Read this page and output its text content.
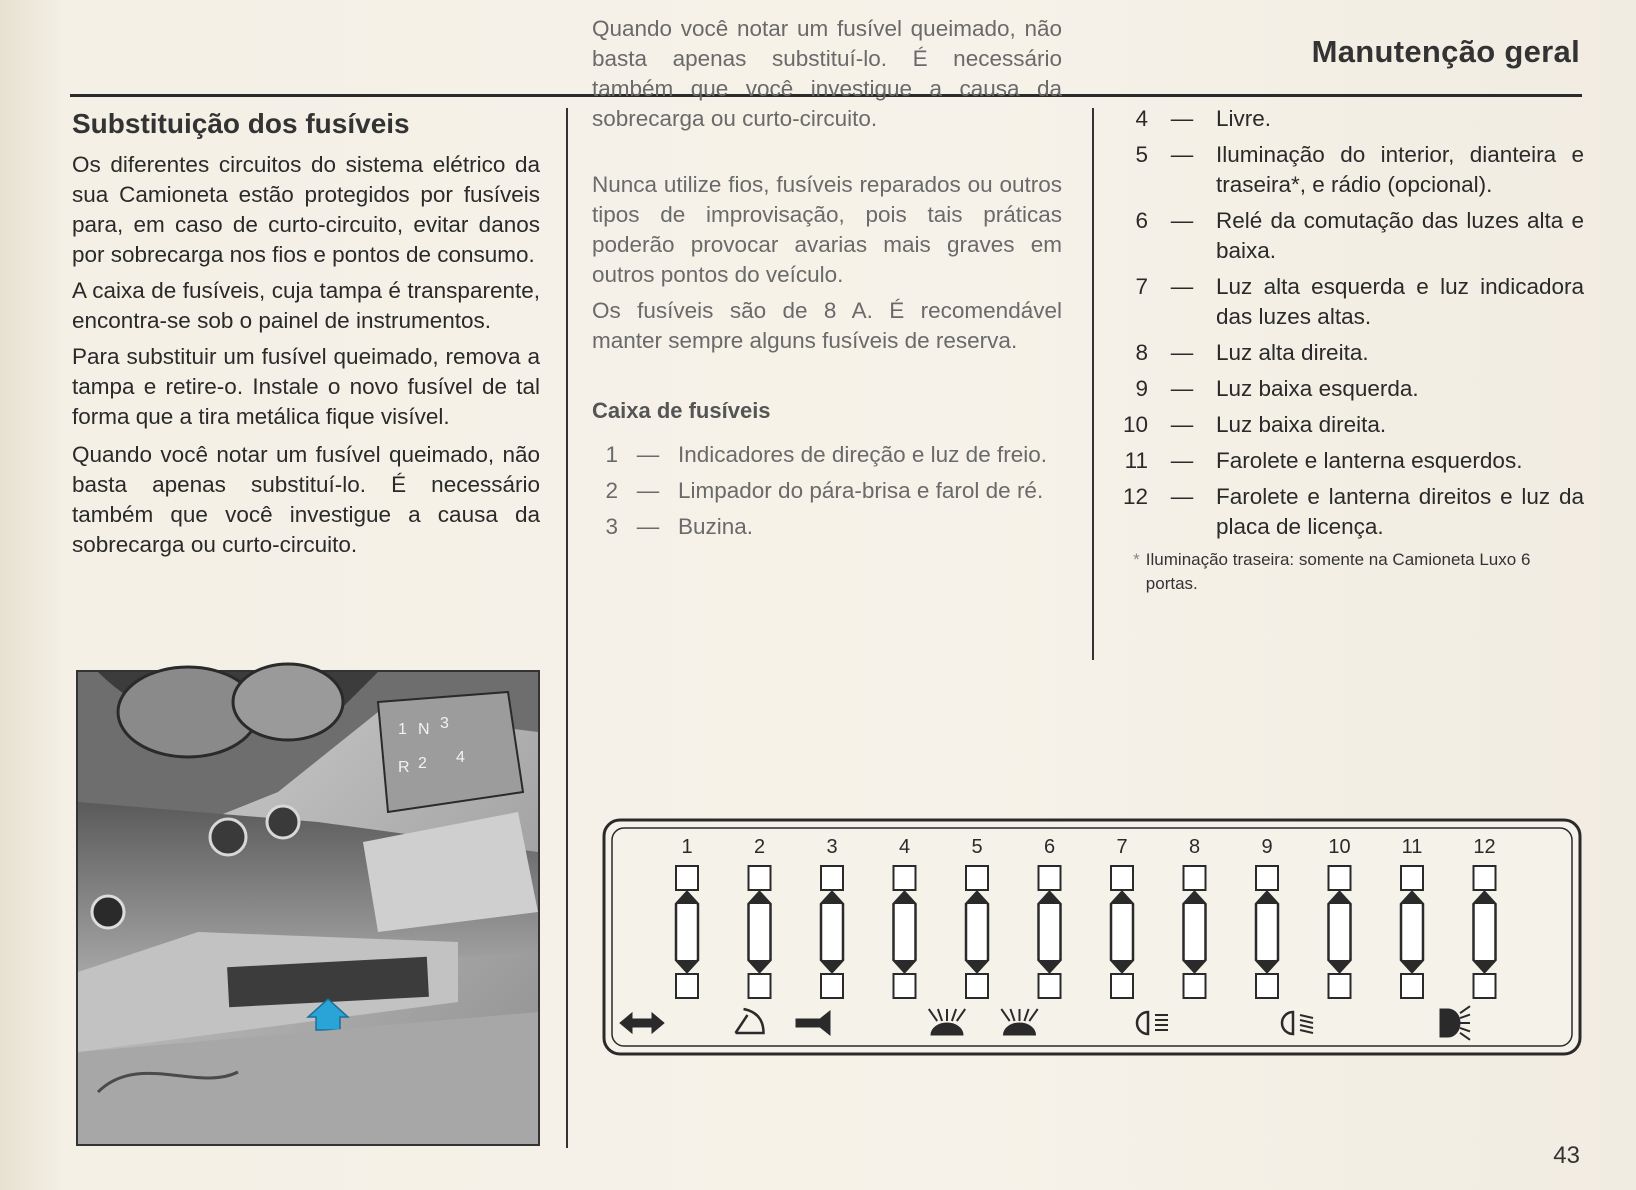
Manutenção geral
Substituição dos fusíveis

Os diferentes circuitos do sistema elétrico da sua Camioneta estão protegidos por fusíveis para, em caso de curto-circuito, evitar danos por sobrecarga nos fios e pontos de consumo.

A caixa de fusíveis, cuja tampa é transparente, encontra-se sob o painel de instrumentos.

Para substituir um fusível queimado, remova a tampa e retire-o. Instale o novo fusível de tal forma que a tira metálica fique visível.

Quando você notar um fusível queimado, não basta apenas substituí-lo. É necessário também que você investigue a causa da sobrecarga ou curto-circuito.

Quando você notar um fusível queimado, não basta apenas substituí-lo. É necessário também que você investigue a causa da sobrecarga ou curto-circuito.

Nunca utilize fios, fusíveis reparados ou outros tipos de improvisação, pois tais práticas poderão provocar avarias mais graves em outros pontos do veículo.

Os fusíveis são de 8 A. É recomendável manter sempre alguns fusíveis de reserva.

Caixa de fusíveis
1 — Indicadores de direção e luz de freio.
2 — Limpador do pára-brisa e farol de ré.
3 — Buzina.
4	—	Livre.
5	—	Iluminação do interior, dianteira e traseira*, e rádio (opcional).
6	—	Relé da comutação das luzes alta e baixa.
7	—	Luz alta esquerda e luz indicadora das luzes altas.
8	—	Luz alta direita.
9	—	Luz baixa esquerda.
10	—	Luz baixa direita.
11	—	Farolete e lanterna esquerdos.
12	—	Farolete e lanterna direitos e luz da placa de licença.
* Iluminação traseira: somente na Camioneta Luxo 6 portas.
1 N 3
R 2 4
1	2	3	4	5	6	7	8	9	10	11	12
43
